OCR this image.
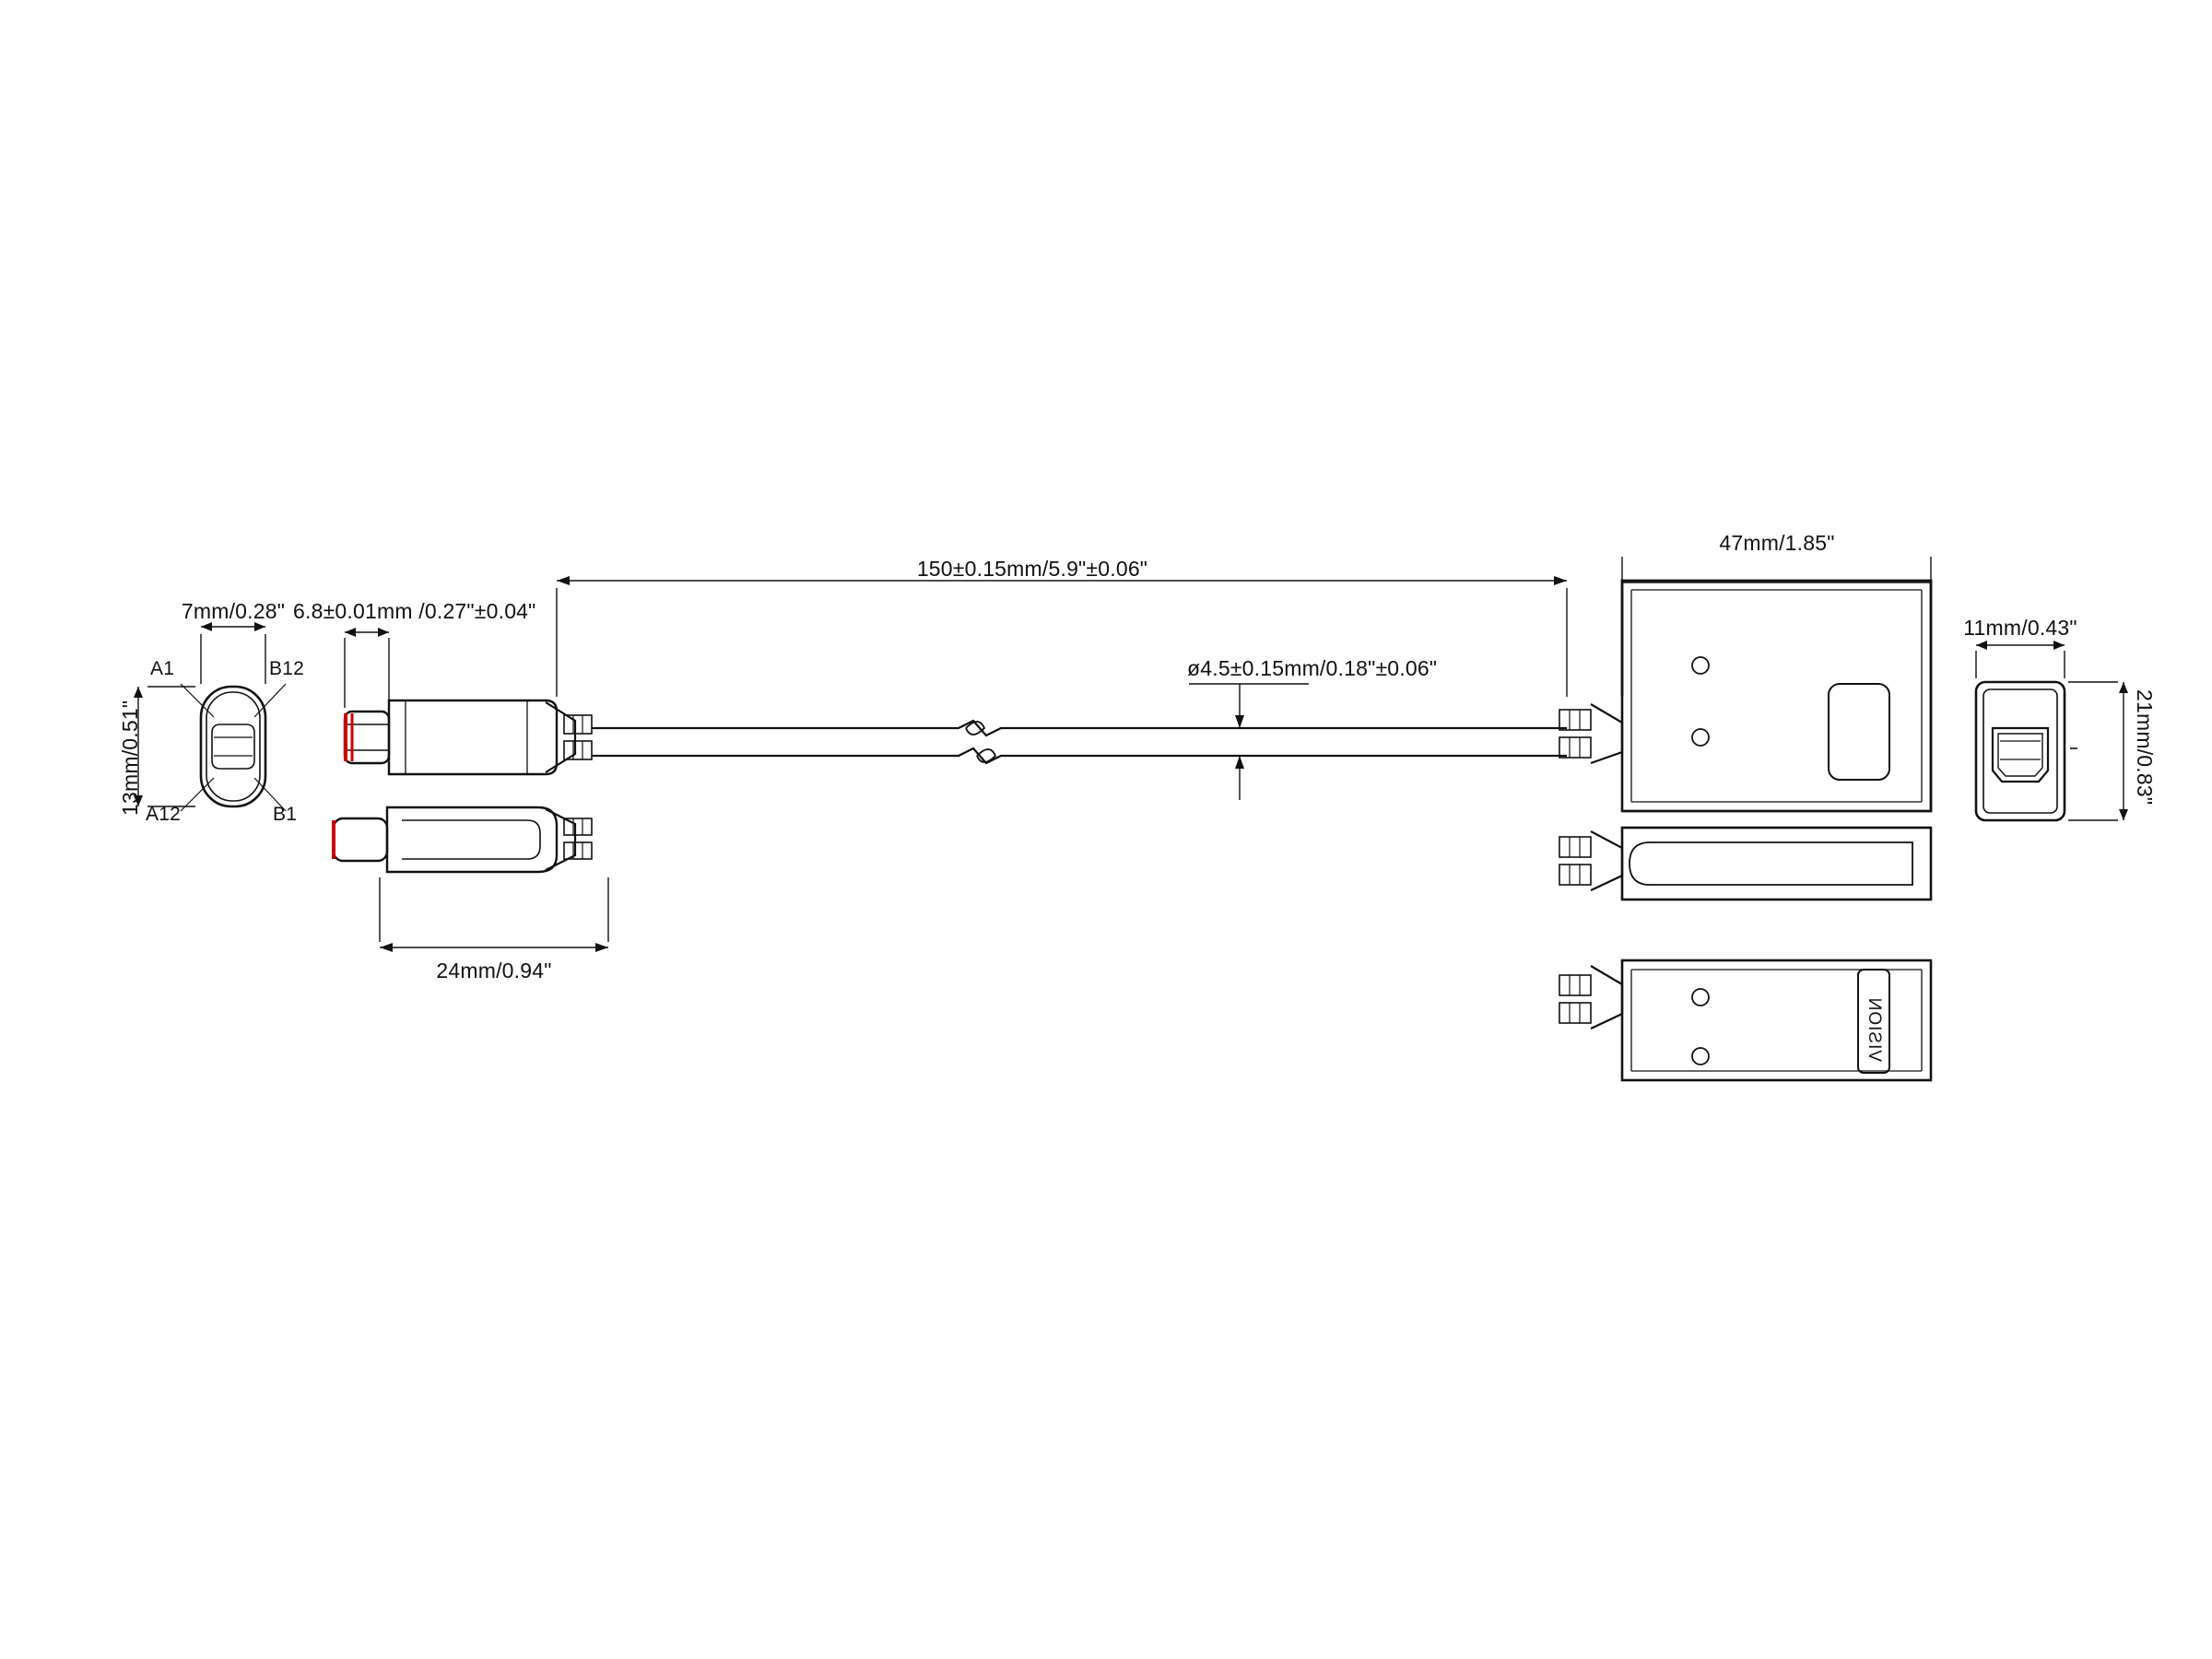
150±0.15mm/5.9"±0.06"
47mm/1.85"
11mm/0.43"
21mm/0.83"
7mm/0.28"
13mm/0.51"
6.8±0.01mm /0.27"±0.04"
24mm/0.94"
ø4.5±0.15mm/0.18"±0.06"
A1	B12
A12	B1
VISION
